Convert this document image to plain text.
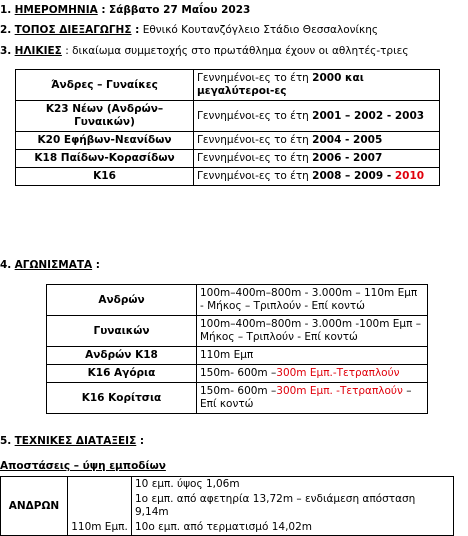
1. ΗΜΕΡΟΜΗΝΙΑ : Σάββατο 27 Μαΐου 2023
2. ΤΟΠΟΣ ΔΙΕΞΑΓΩΓΗΣ : Εθνικό Κουτανζόγλειο Στάδιο Θεσσαλονίκης
3. ΗΛΙΚΙΕΣ : δικαίωμα συμμετοχής στο πρωτάθλημα έχουν οι αθλητές-τριες
Άνδρες – Γυναίκες	Γεννημένοι-ες το έτη 2000 και μεγαλύτεροι-ες
K23 Νέων (Ανδρών–Γυναικών)	Γεννημένοι-ες το έτη 2001 – 2002 - 2003
K20 Εφήβων-Νεανίδων	Γεννημένοι-ες το έτη 2004 - 2005
K18 Παίδων-Κορασίδων	Γεννημένοι-ες το έτη 2006 - 2007
K16	Γεννημένοι-ες το έτη 2008 – 2009 - 2010
4. ΑΓΩΝΙΣΜΑΤΑ :
Ανδρών	100m–400m–800m - 3.000m – 110m Εμπ - Μήκος – Τριπλούν - Επί κοντώ
Γυναικών	100m–400m–800m - 3.000m -100m Εμπ – Μήκος – Τριπλούν - Επί κοντώ
Ανδρών K18	110m Εμπ
K16 Αγόρια	150m- 600m –300m Εμπ.-Τετραπλούν
K16 Κορίτσια	150m- 600m –300m Εμπ. -Τετραπλούν – Επί κοντώ
5. ΤΕΧΝΙΚΕΣ ΔΙΑΤΑΞΕΙΣ :
Αποστάσεις – ύψη εμποδίων
ΑΝΔΡΩΝ	110m Εμπ.	10 εμπ. ύψος 1,06m
1ο εμπ. από αφετηρία 13,72m – ενδιάμεση απόσταση 9,14m
10ο εμπ. από τερματισμό 14,02m
